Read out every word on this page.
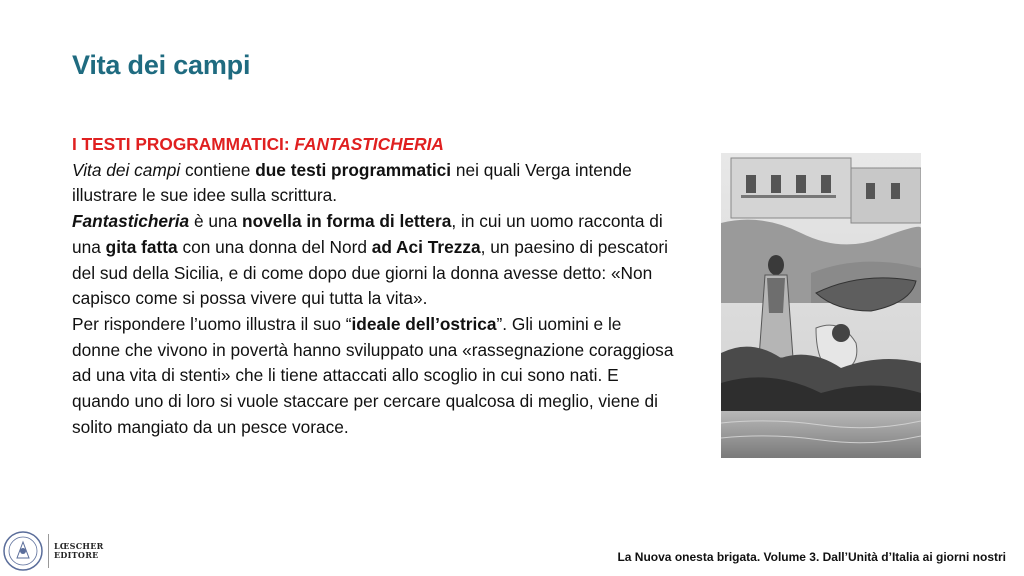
Vita dei campi

I TESTI PROGRAMMATICI: FANTASTICHERIA

Vita dei campi contiene due testi programmatici nei quali Verga intende illustrare le sue idee sulla scrittura.

Fantasticheria è una novella in forma di lettera, in cui un uomo racconta di una gita fatta con una donna del Nord ad Aci Trezza, un paesino di pescatori del sud della Sicilia, e di come dopo due giorni la donna avesse detto: «Non capisco come si possa vivere qui tutta la vita».

Per rispondere l’uomo illustra il suo “ideale dell’ostrica”. Gli uomini e le donne che vivono in povertà hanno sviluppato una «rassegnazione coraggiosa ad una vita di stenti» che li tiene attaccati allo scoglio in cui sono nati. E quando uno di loro si vuole staccare per cercare qualcosa di meglio, viene di solito mangiato da un pesce vorace.

LŒSCHER
EDITORE	La Nuova onesta brigata. Volume 3. Dall’Unità d’Italia ai giorni nostri
